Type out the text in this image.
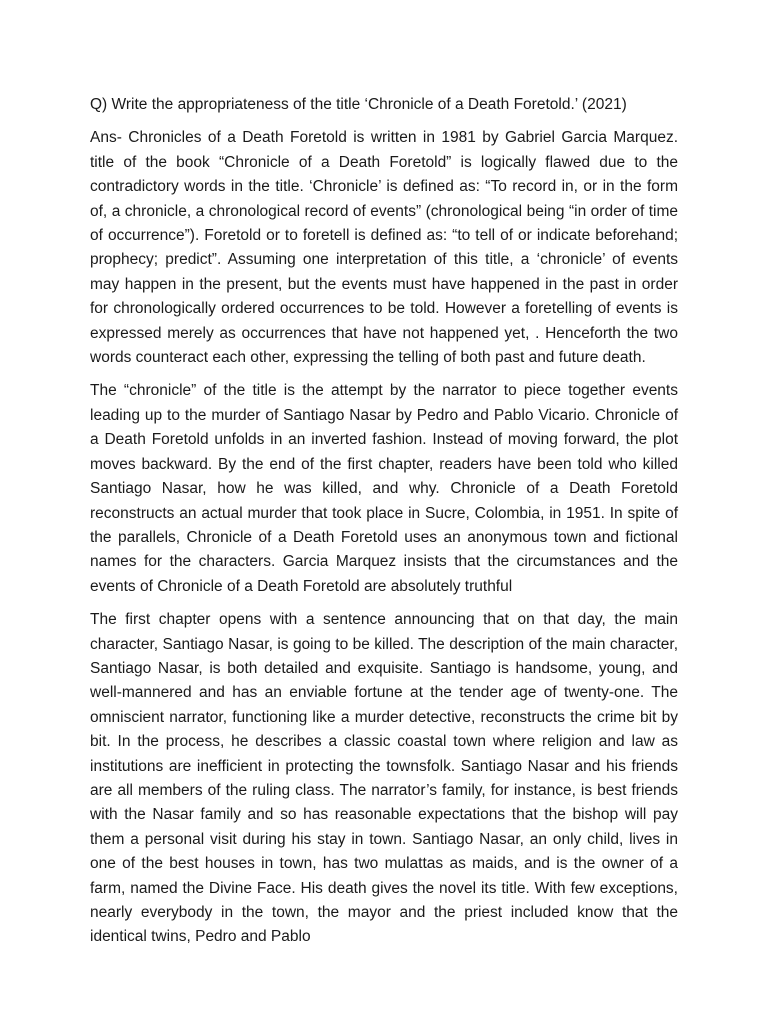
Q) Write the appropriateness of the title ‘Chronicle of a Death Foretold.’ (2021)

Ans- Chronicles of a Death Foretold is written in 1981 by Gabriel Garcia Marquez. title of the book “Chronicle of a Death Foretold” is logically flawed due to the contradictory words in the title. ‘Chronicle’ is defined as: “To record in, or in the form of, a chronicle, a chronological record of events” (chronological being “in order of time of occurrence”). Foretold or to foretell is defined as: “to tell of or indicate beforehand; prophecy; predict”. Assuming one interpretation of this title, a ‘chronicle’ of events may happen in the present, but the events must have happened in the past in order for chronologically ordered occurrences to be told. However a foretelling of events is expressed merely as occurrences that have not happened yet, . Henceforth the two words counteract each other, expressing the telling of both past and future death.

The “chronicle” of the title is the attempt by the narrator to piece together events leading up to the murder of Santiago Nasar by Pedro and Pablo Vicario. Chronicle of a Death Foretold unfolds in an inverted fashion. Instead of moving forward, the plot moves backward. By the end of the first chapter, readers have been told who killed Santiago Nasar, how he was killed, and why. Chronicle of a Death Foretold reconstructs an actual murder that took place in Sucre, Colombia, in 1951. In spite of the parallels, Chronicle of a Death Foretold uses an anonymous town and fictional names for the characters. Garcia Marquez insists that the circumstances and the events of Chronicle of a Death Foretold are absolutely truthful

The first chapter opens with a sentence announcing that on that day, the main character, Santiago Nasar, is going to be killed. The description of the main character, Santiago Nasar, is both detailed and exquisite. Santiago is handsome, young, and well-mannered and has an enviable fortune at the tender age of twenty-one. The omniscient narrator, functioning like a murder detective, reconstructs the crime bit by bit. In the process, he describes a classic coastal town where religion and law as institutions are inefficient in protecting the townsfolk. Santiago Nasar and his friends are all members of the ruling class. The narrator’s family, for instance, is best friends with the Nasar family and so has reasonable expectations that the bishop will pay them a personal visit during his stay in town. Santiago Nasar, an only child, lives in one of the best houses in town, has two mulattas as maids, and is the owner of a farm, named the Divine Face. His death gives the novel its title. With few exceptions, nearly everybody in the town, the mayor and the priest included know that the identical twins, Pedro and Pablo
